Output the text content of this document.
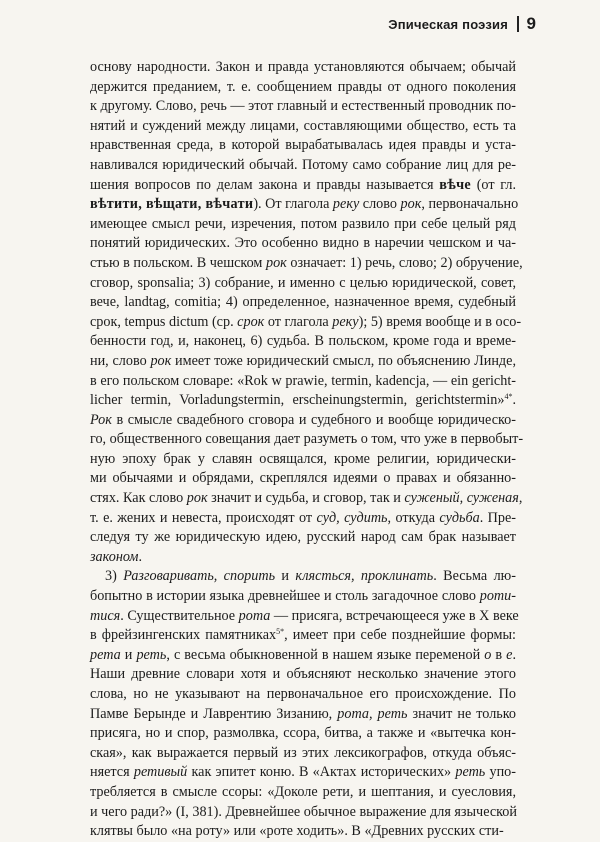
Эпическая поэзия 9
основу народности. Закон и правда установляются обычаем; обычай
держится преданием, т. е. сообщением правды от одного поколения
к другому. Слово, речь — этот главный и естественный проводник по-
нятий и суждений между лицами, составляющими общество, есть та
нравственная среда, в которой вырабатывалась идея правды и уста-
навливался юридический обычай. Потому само собрание лиц для ре-
шения вопросов по делам закона и правды называется вѣче (от гл.
вѣтити, вѣщати, вѣчати). От глагола реку слово рок, первоначально
имеющее смысл речи, изречения, потом развило при себе целый ряд
понятий юридических. Это особенно видно в наречии чешском и ча-
стью в польском. В чешском рок означает: 1) речь, слово; 2) обручение,
сговор, sponsalia; 3) собрание, и именно с целью юридической, совет,
вече, landtag, comitia; 4) определенное, назначенное время, судебный
срок, tempus dictum (ср. срок от глагола реку); 5) время вообще и в осо-
бенности год, и, наконец, 6) судьба. В польском, кроме года и време-
ни, слово рок имеет тоже юридический смысл, по объяснению Линде,
в его польском словаре: «Rok w prawie, termin, kadencja, — ein gericht-
licher termin, Vorladungstermin, erscheinungstermin, gerichtstermin»$^{4*}$.
Рок в смысле свадебного сговора и судебного и вообще юридическо-
го, общественного совещания дает разуметь о том, что уже в первобыт-
ную эпоху брак у славян освящался, кроме религии, юридически-
ми обычаями и обрядами, скреплялся идеями о правах и обязанно-
стях. Как слово рок значит и судьба, и сговор, так и суженый, суженая,
т. е. жених и невеста, происходят от суд, судить, откуда судьба. Пре-
следуя ту же юридическую идею, русский народ сам брак называет
законом.
3) Разговаривать, спорить и клясться, проклинать. Весьма лю-
бопытно в истории языка древнейшее и столь загадочное слово роти-
тися. Существительное рота — присяга, встречающееся уже в X веке
в фрейзингенских памятниках$^{5*}$, имеет при себе позднейшие формы:
рета и реть, с весьма обыкновенной в нашем языке переменой о в е.
Наши древние словари хотя и объясняют несколько значение этого
слова, но не указывают на первоначальное его происхождение. По
Памве Берынде и Лаврентию Зизанию, рота, реть значит не только
присяга, но и спор, размолвка, ссора, битва, а также и «вытечка кон-
ская», как выражается первый из этих лексикографов, откуда объяс-
няется ретивый как эпитет коню. В «Актах исторических» реть упо-
требляется в смысле ссоры: «Доколе рети, и шептания, и суесловия,
и чего ради?» (I, 381). Древнейшее обычное выражение для языческой
клятвы было «на роту» или «роте ходить». В «Древних русских сти-
